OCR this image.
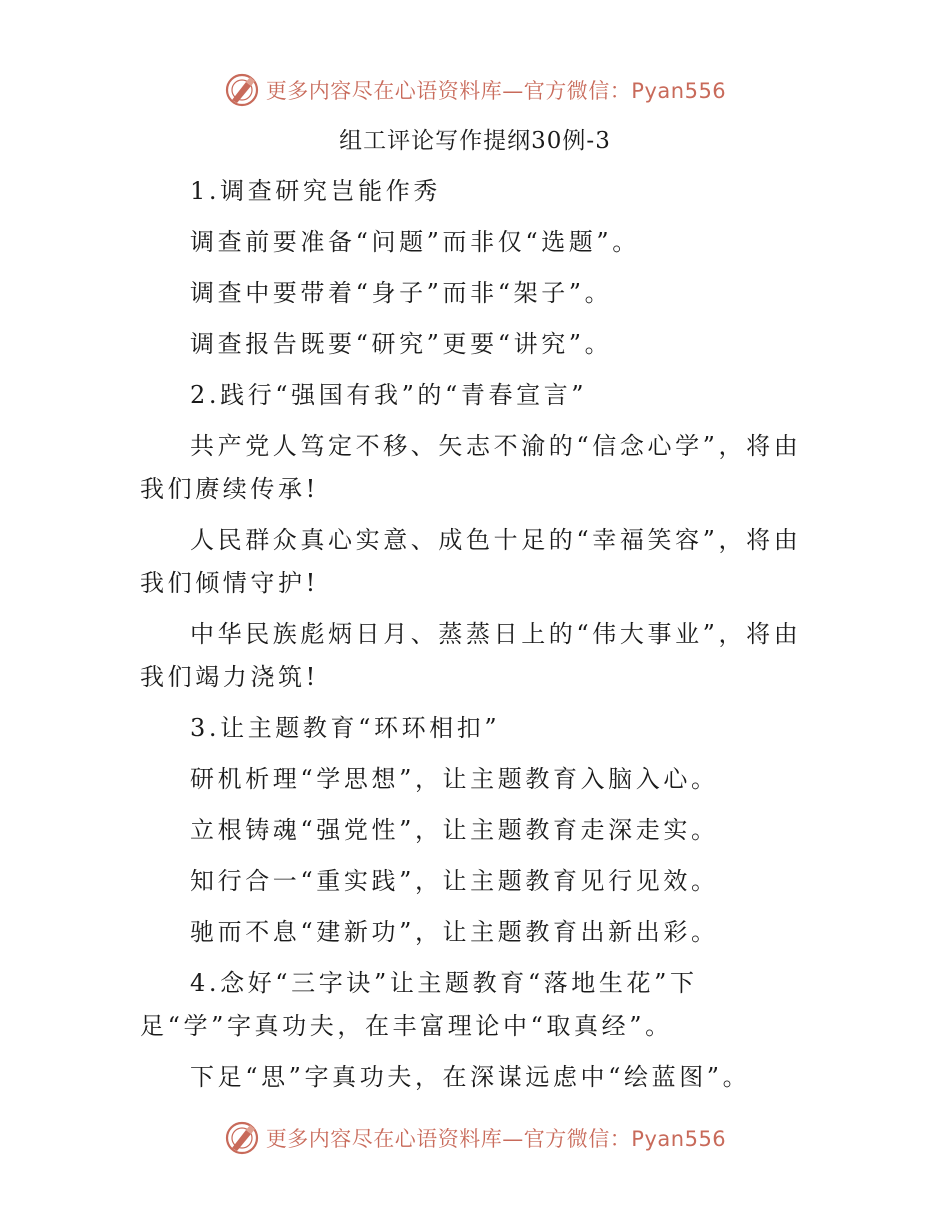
更多内容尽在心语资料库—官方微信：Pyan556
组工评论写作提纲30例-3

1.调查研究岂能作秀

调查前要准备“问题”而非仅“选题”。

调查中要带着“身子”而非“架子”。

调查报告既要“研究”更要“讲究”。

2.践行“强国有我”的“青春宣言”

共产党人笃定不移、矢志不渝的“信念心学”，将由我们赓续传承!

人民群众真心实意、成色十足的“幸福笑容”，将由我们倾情守护!

中华民族彪炳日月、蒸蒸日上的“伟大事业”，将由我们竭力浇筑!

3.让主题教育“环环相扣”

研机析理“学思想”，让主题教育入脑入心。

立根铸魂“强党性”，让主题教育走深走实。

知行合一“重实践”，让主题教育见行见效。

驰而不息“建新功”，让主题教育出新出彩。

4.念好“三字诀”让主题教育“落地生花”下足“学”字真功夫，在丰富理论中“取真经”。

下足“思”字真功夫，在深谋远虑中“绘蓝图”。

更多内容尽在心语资料库—官方微信：Pyan556
